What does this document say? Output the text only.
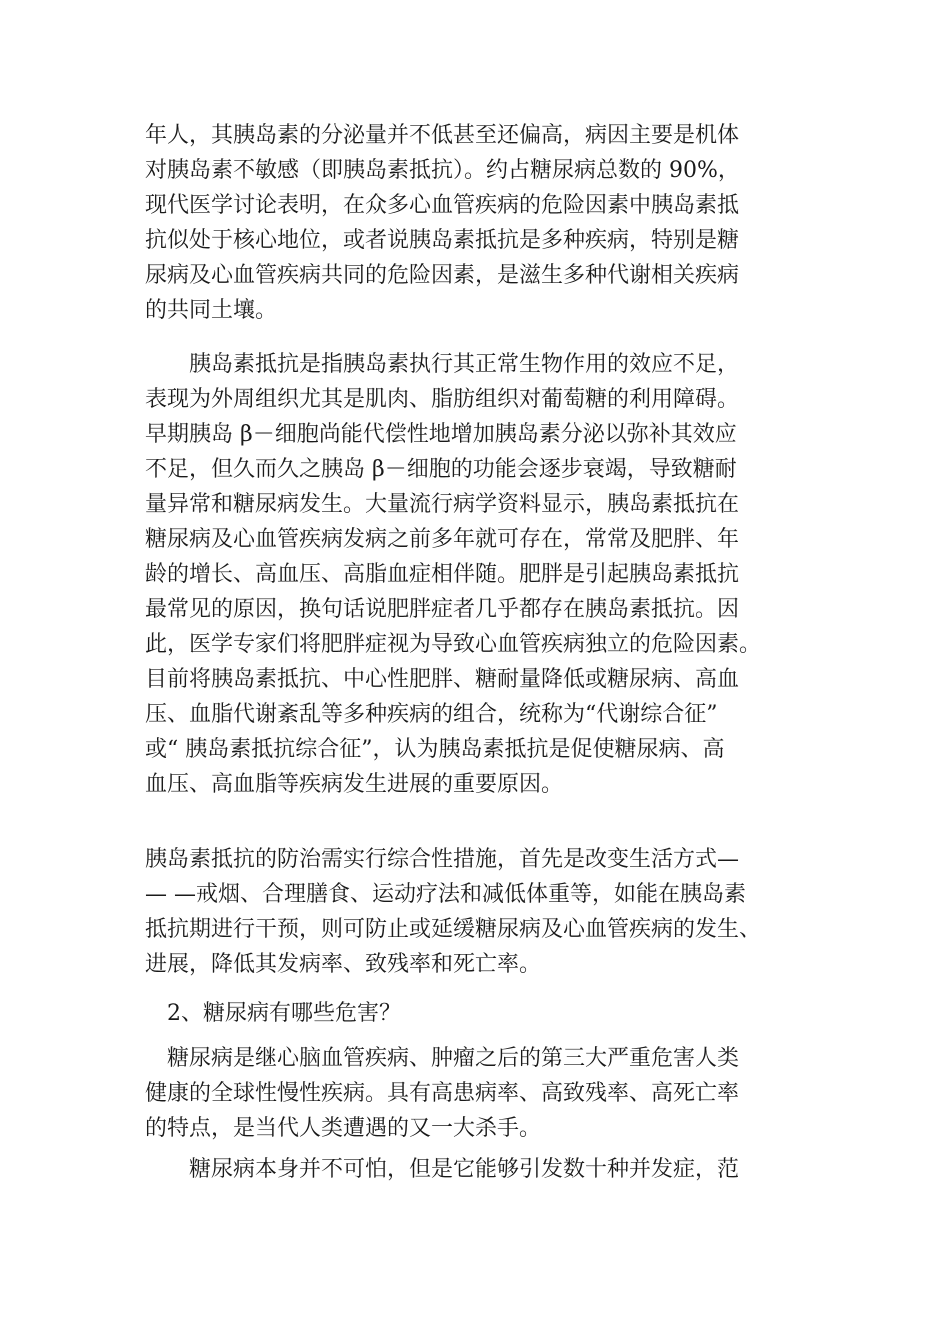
年人，其胰岛素的分泌量并不低甚至还偏高，病因主要是机体
对胰岛素不敏感（即胰岛素抵抗）。约占糖尿病总数的 90%，
现代医学讨论表明，在众多心血管疾病的危险因素中胰岛素抵
抗似处于核心地位，或者说胰岛素抵抗是多种疾病，特别是糖
尿病及心血管疾病共同的危险因素，是滋生多种代谢相关疾病
的共同土壤。
　　胰岛素抵抗是指胰岛素执行其正常生物作用的效应不足，
表现为外周组织尤其是肌肉、脂肪组织对葡萄糖的利用障碍。
早期胰岛 β－细胞尚能代偿性地增加胰岛素分泌以弥补其效应
不足，但久而久之胰岛 β－细胞的功能会逐步衰竭，导致糖耐
量异常和糖尿病发生。大量流行病学资料显示，胰岛素抵抗在
糖尿病及心血管疾病发病之前多年就可存在，常常及肥胖、年
龄的增长、高血压、高脂血症相伴随。肥胖是引起胰岛素抵抗
最常见的原因，换句话说肥胖症者几乎都存在胰岛素抵抗。因
此，医学专家们将肥胖症视为导致心血管疾病独立的危险因素。
目前将胰岛素抵抗、中心性肥胖、糖耐量降低或糖尿病、高血
压、血脂代谢紊乱等多种疾病的组合，统称为“代谢综合征”
或“ 胰岛素抵抗综合征”，认为胰岛素抵抗是促使糖尿病、高
血压、高血脂等疾病发生进展的重要原因。
胰岛素抵抗的防治需实行综合性措施，首先是改变生活方式—
— —戒烟、合理膳食、运动疗法和减低体重等，如能在胰岛素
抵抗期进行干预，则可防止或延缓糖尿病及心血管疾病的发生、
进展，降低其发病率、致残率和死亡率。
　2、糖尿病有哪些危害？
　糖尿病是继心脑血管疾病、肿瘤之后的第三大严重危害人类
健康的全球性慢性疾病。具有高患病率、高致残率、高死亡率
的特点，是当代人类遭遇的又一大杀手。
　　糖尿病本身并不可怕，但是它能够引发数十种并发症，范
